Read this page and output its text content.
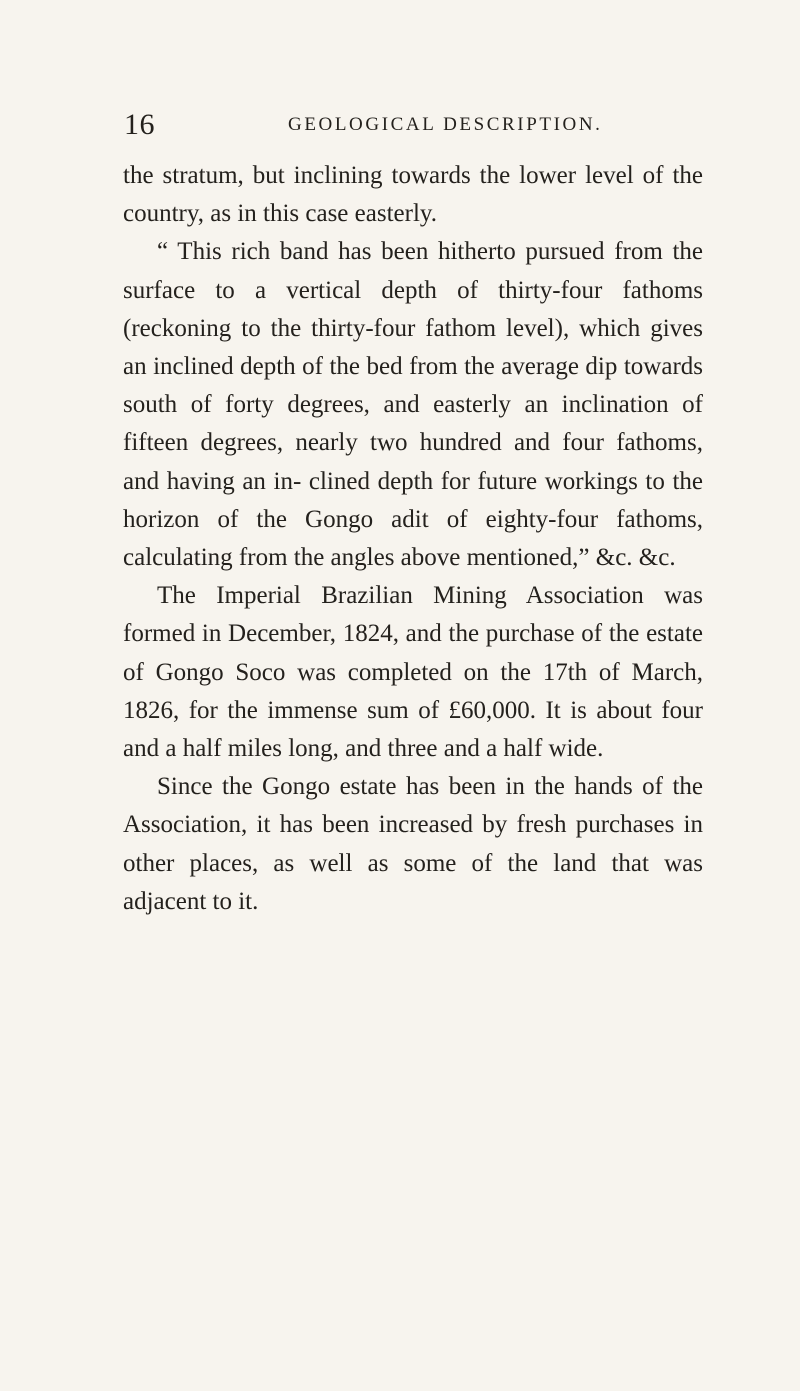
16	GEOLOGICAL DESCRIPTION.

the stratum, but inclining towards the lower level of the country, as in this case easterly.

“ This rich band has been hitherto pursued from the surface to a vertical depth of thirty-four fathoms (reckoning to the thirty-four fathom level), which gives an inclined depth of the bed from the average dip towards south of forty degrees, and easterly an inclination of fifteen degrees, nearly two hundred and four fathoms, and having an in- clined depth for future workings to the horizon of the Gongo adit of eighty-four fathoms, calculating from the angles above mentioned,” &c. &c.

The Imperial Brazilian Mining Association was formed in December, 1824, and the purchase of the estate of Gongo Soco was completed on the 17th of March, 1826, for the immense sum of £60,000. It is about four and a half miles long, and three and a half wide.

Since the Gongo estate has been in the hands of the Association, it has been increased by fresh purchases in other places, as well as some of the land that was adjacent to it.
